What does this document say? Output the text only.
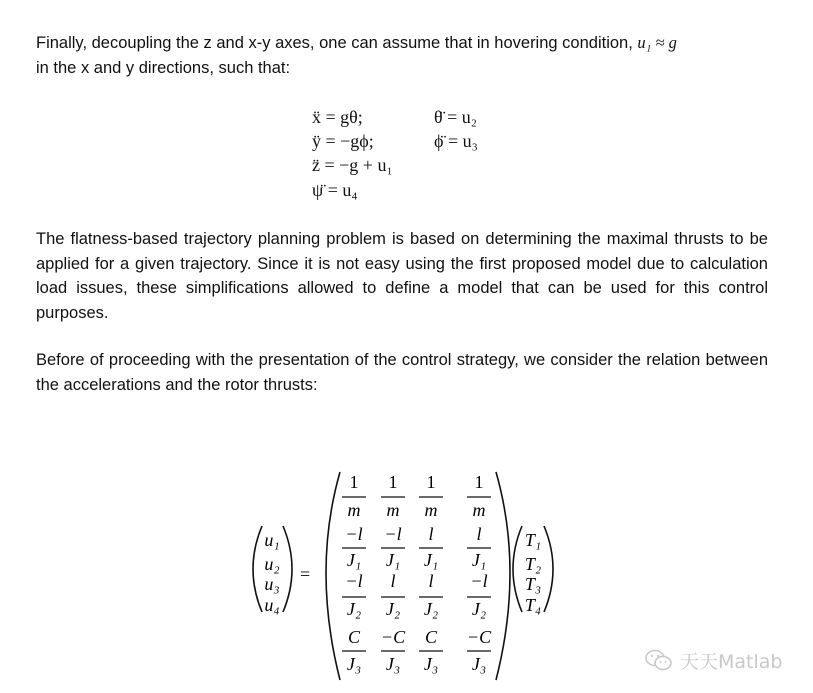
Finally, decoupling the z and x-y axes, one can assume that in hovering condition, u₁ ≈ g
in the x and y directions, such that:

ẍ = gθ;	θ̈ = u₂
ÿ = −gϕ;	ϕ̈ = u₃
z̈ = −g + u₁
ψ̈ = u₄

The flatness-based trajectory planning problem is based on determining the maximal thrusts to be applied for a given trajectory. Since it is not easy using the first proposed model due to calculation load issues, these simplifications allowed to define a model that can be used for this control purposes.

Before of proceeding with the presentation of the control strategy, we consider the relation between the accelerations and the rotor thrusts:

u₁
u₂
u₃
u₄
=
1
m
1
m
1
m
1
m
−l
J₁
−l
J₁
l
J₁
l
J₁
−l
J₂
l
J₂
l
J₂
−l
J₂
C
J₃
−C
J₃
C
J₃
−C
J₃
T₁
T₂
T₃
T₄
天天Matlab
